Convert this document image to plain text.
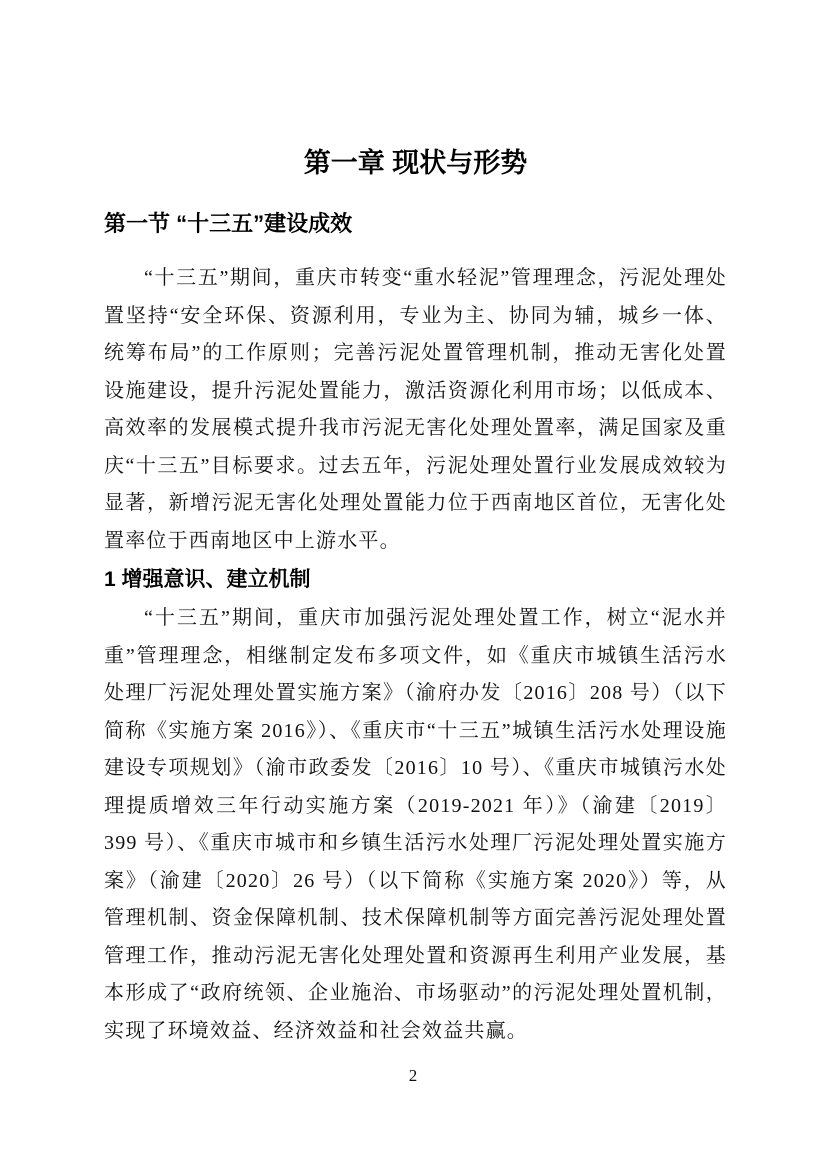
第一章 现状与形势
第一节 “十三五”建设成效

“十三五”期间，重庆市转变“重水轻泥”管理理念，污泥处理处置坚持“安全环保、资源利用，专业为主、协同为辅，城乡一体、统筹布局”的工作原则；完善污泥处置管理机制，推动无害化处置设施建设，提升污泥处置能力，激活资源化利用市场；以低成本、高效率的发展模式提升我市污泥无害化处理处置率，满足国家及重庆“十三五”目标要求。过去五年，污泥处理处置行业发展成效较为显著，新增污泥无害化处理处置能力位于西南地区首位，无害化处置率位于西南地区中上游水平。

1 增强意识、建立机制

“十三五”期间，重庆市加强污泥处理处置工作，树立“泥水并重”管理理念，相继制定发布多项文件，如《重庆市城镇生活污水处理厂污泥处理处置实施方案》（渝府办发〔2016〕208 号）（以下简称《实施方案 2016》）、《重庆市“十三五”城镇生活污水处理设施建设专项规划》（渝市政委发〔2016〕10 号）、《重庆市城镇污水处理提质增效三年行动实施方案（2019-2021 年）》（渝建〔2019〕399 号）、《重庆市城市和乡镇生活污水处理厂污泥处理处置实施方案》（渝建〔2020〕26 号）（以下简称《实施方案 2020》）等，从管理机制、资金保障机制、技术保障机制等方面完善污泥处理处置管理工作，推动污泥无害化处理处置和资源再生利用产业发展，基本形成了“政府统领、企业施治、市场驱动”的污泥处理处置机制，实现了环境效益、经济效益和社会效益共赢。

2
